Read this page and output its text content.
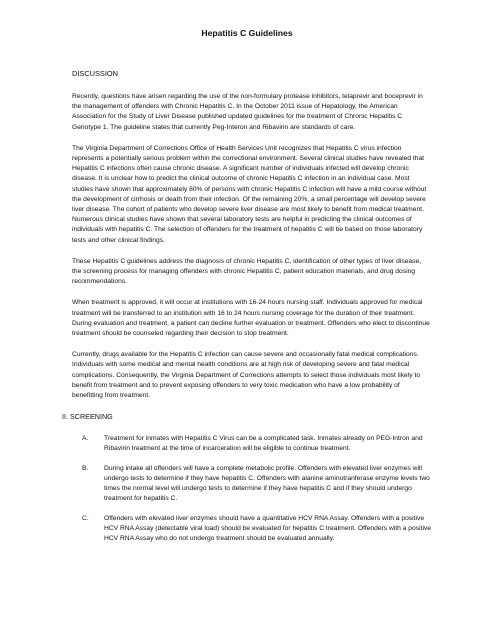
Hepatitis C Guidelines
DISCUSSION

Recently, questions have arisen regarding the use of the non-formulary protease inhibitors, telaprevir and boceprevir in the management of offenders with Chronic Hepatitis C. In the October 2011 issue of Hepatology, the American Association for the Study of Liver Disease published updated guidelines for the treatment of Chronic Hepatitis C Genotype 1. The guideline states that currently Peg-Interon and Ribavirin are standards of care.

The Virginia Department of Corrections Office of Health Services Unit recognizes that Hepatitis C virus infection represents a potentially serious problem within the correctional environment. Several clinical studies have revealed that Hepatitis C infections often cause chronic disease. A significant number of individuals infected will develop chronic disease. It is unclear how to predict the clinical outcome of chronic Hepatitis C infection in an individual case. Most studies have shown that approximately 80% of persons with chronic Hepatitis C infection will have a mild course without the development of cirrhosis or death from their infection. Of the remaining 20%, a small percentage will develop severe liver disease. The cohort of patients who develop severe liver disease are most likely to benefit from medical treatment. Numerous clinical studies have shown that several laboratory tests are helpful in predicting the clinical outcomes of individuals with hepatitis C. The selection of offenders for the treatment of hepatitis C will be based on those laboratory tests and other clinical findings.

These Hepatitis C guidelines address the diagnosis of chronic Hepatitis C, identification of other types of liver disease, the screening process for managing offenders with chronic Hepatitis C, patient education materials, and drug dosing recommendations.

When treatment is approved, it will occur at institutions with 16-24 hours nursing staff. Individuals approved for medical treatment will be transferred to an institution with 16 to 24 hours nursing coverage for the duration of their treatment. During evaluation and treatment, a patient can decline further evaluation or treatment. Offenders who elect to discontinue treatment should be counseled regarding their decision to stop treatment.

Currently, drugs available for the Hepatitis C infection can cause severe and occasionally fatal medical complications. Individuals with some medical and mental health conditions are at high risk of developing severe and fatal medical complications. Consequently, the Virginia Department of Corrections attempts to select those individuals most likely to benefit from treatment and to prevent exposing offenders to very toxic medication who have a low probability of benefitting from treatment.

II. SCREENING
A.	Treatment for inmates with Hepatitis C Virus can be a complicated task. Inmates already on PEG-Intron and Ribavirin treatment at the time of incarceration will be eligible to continue treatment.
B.	During intake all offenders will have a complete metabolic profile. Offenders with elevated liver enzymes will undergo tests to determine if they have hepatitis C. Offenders with alanine aminotranferase enzyme levels two times the normal level will undergo tests to determine if they have hepatitis C and if they should undergo treatment for hepatitis C.
C.	Offenders with elevated liver enzymes should have a quantitative HCV RNA Assay. Offenders with a positive HCV RNA Assay (detectable viral load) should be evaluated for hepatitis C treatment. Offenders with a positive HCV RNA Assay who do not undergo treatment should be evaluated annually.
